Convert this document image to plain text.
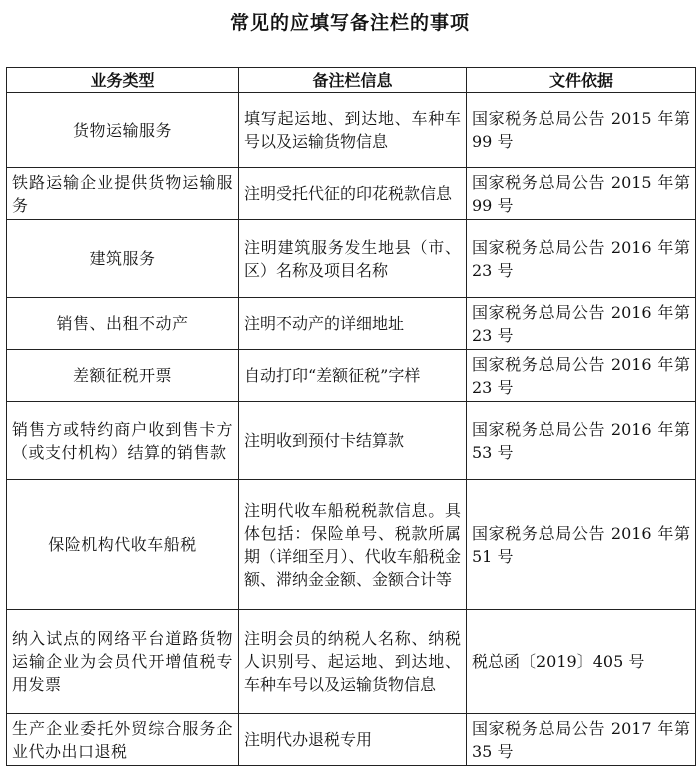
常见的应填写备注栏的事项
业务类型	备注栏信息	文件依据
货物运输服务	填写起运地、到达地、车种车号以及运输货物信息	国家税务总局公告 2015 年第 99 号
铁路运输企业提供货物运输服务	注明受托代征的印花税款信息	国家税务总局公告 2015 年第 99 号
建筑服务	注明建筑服务发生地县（市、区）名称及项目名称	国家税务总局公告 2016 年第 23 号
销售、出租不动产	注明不动产的详细地址	国家税务总局公告 2016 年第 23 号
差额征税开票	自动打印“差额征税”字样	国家税务总局公告 2016 年第 23 号
销售方或特约商户收到售卡方（或支付机构）结算的销售款	注明收到预付卡结算款	国家税务总局公告 2016 年第 53 号
保险机构代收车船税	注明代收车船税税款信息。具体包括：保险单号、税款所属期（详细至月）、代收车船税金额、滞纳金金额、金额合计等	国家税务总局公告 2016 年第 51 号
纳入试点的网络平台道路货物运输企业为会员代开增值税专用发票	注明会员的纳税人名称、纳税人识别号、起运地、到达地、车种车号以及运输货物信息	税总函〔2019〕405 号
生产企业委托外贸综合服务企业代办出口退税	注明代办退税专用	国家税务总局公告 2017 年第 35 号
